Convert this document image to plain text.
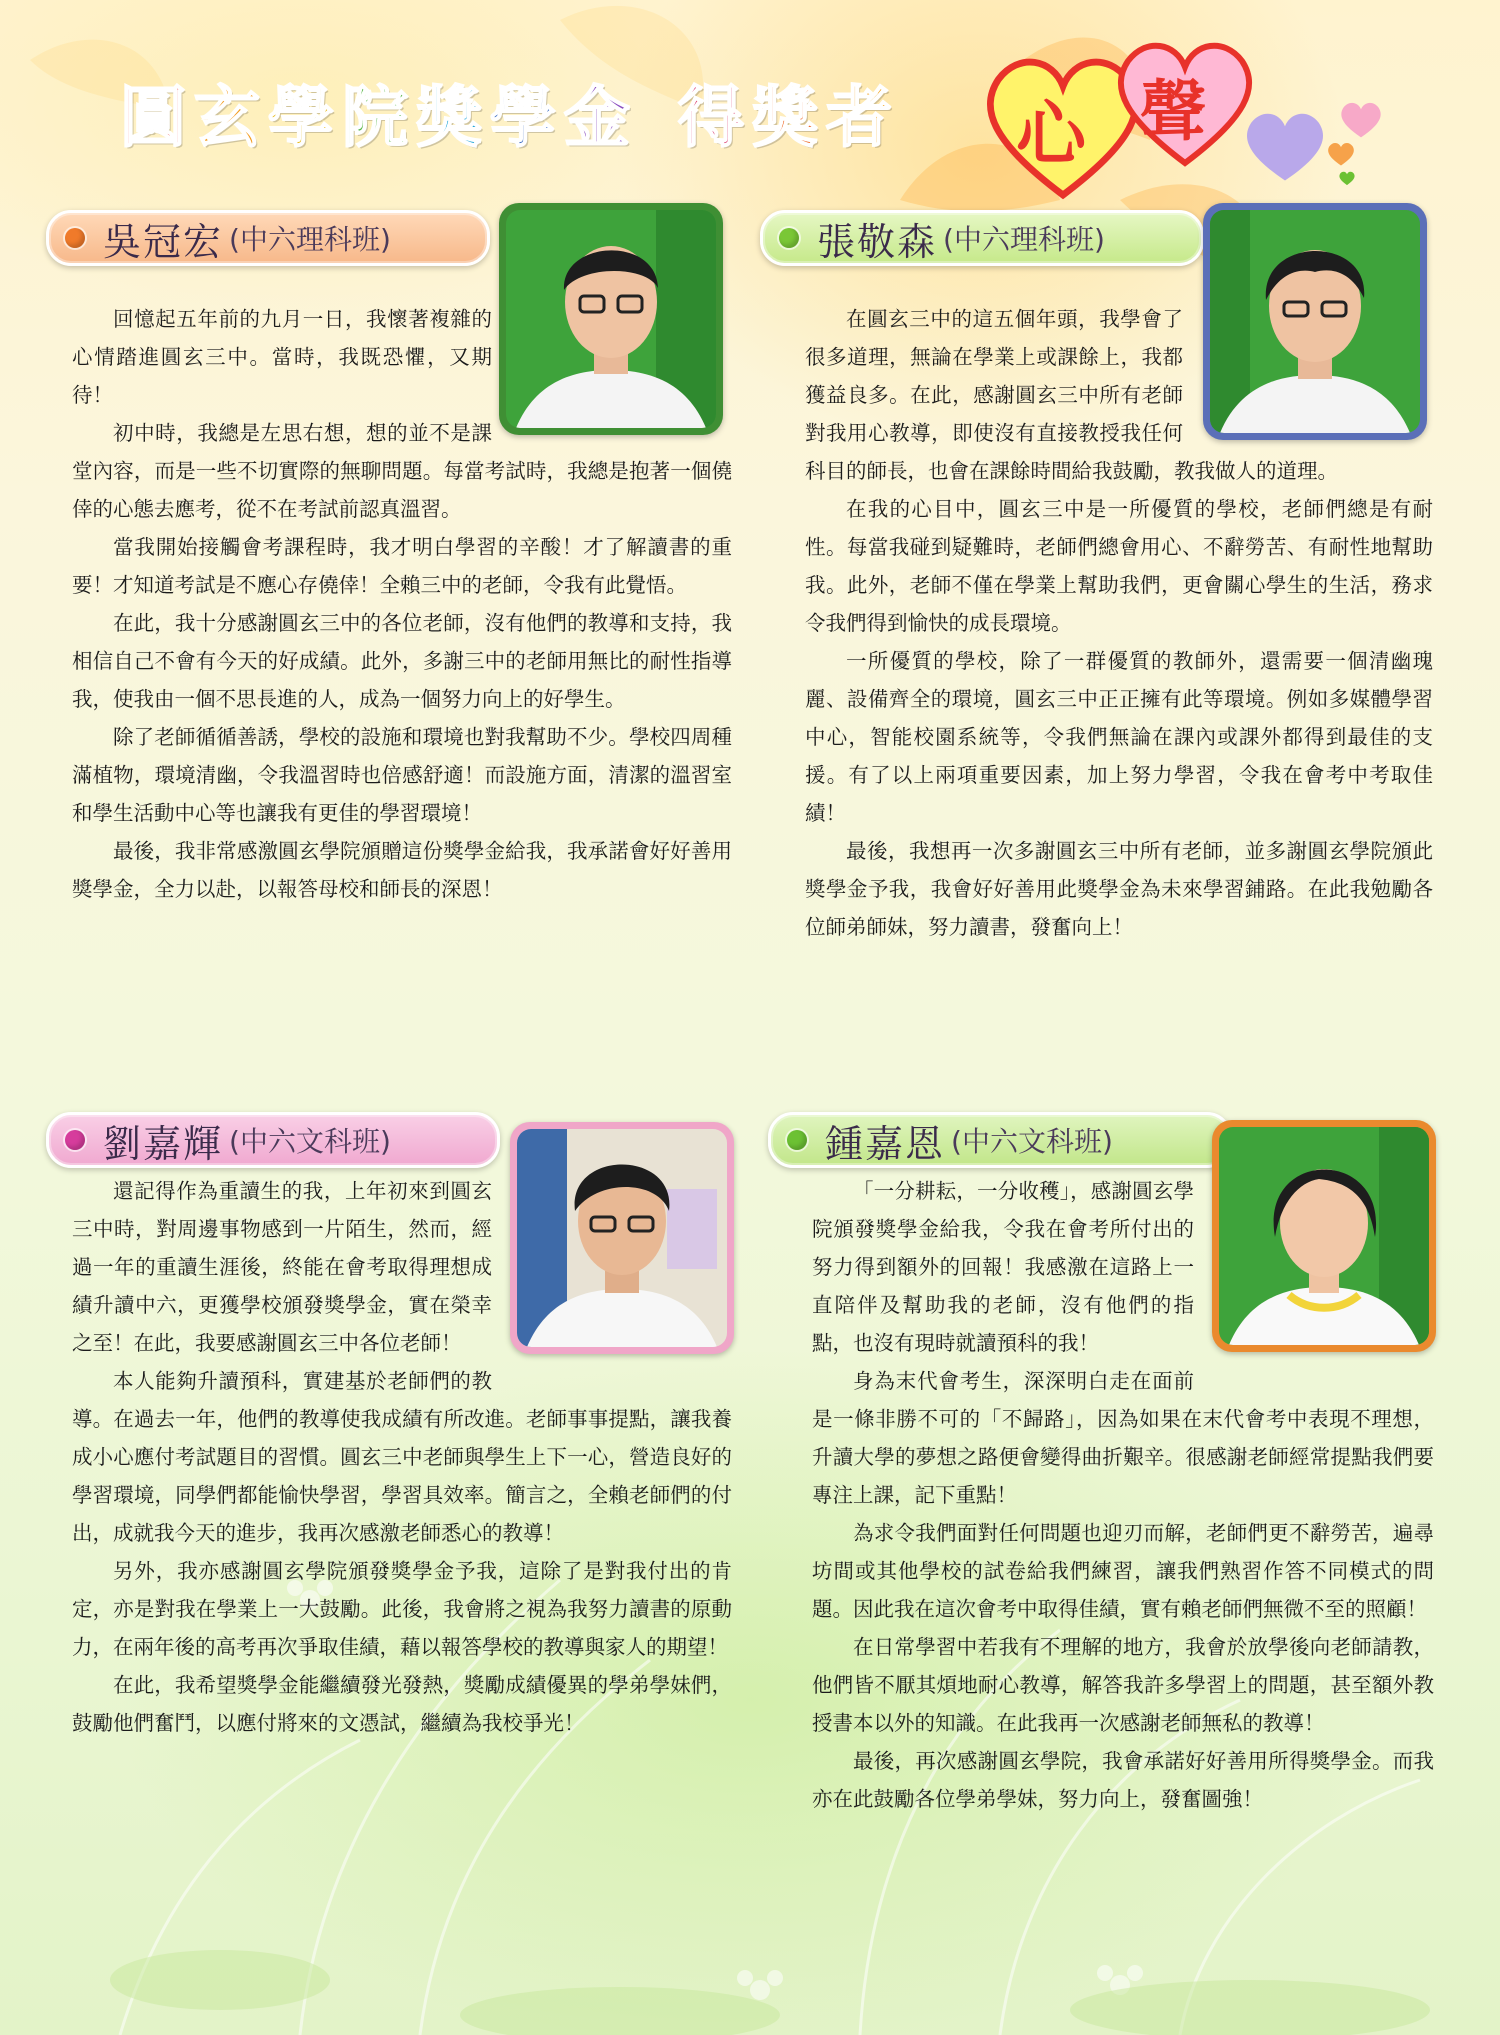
圓 玄 學 院 獎 學 金 得 獎 者 心 聲
吳冠宏 (中六理科班)

回憶起五年前的九月一日，我懷著複雜的心情踏進圓玄三中。當時，我既恐懼，又期待！

初中時，我總是左思右想，想的並不是課堂內容，而是一些不切實際的無聊問題。每當考試時，我總是抱著一個僥倖的心態去應考，從不在考試前認真溫習。

當我開始接觸會考課程時，我才明白學習的辛酸！才了解讀書的重要！才知道考試是不應心存僥倖！全賴三中的老師，令我有此覺悟。

在此，我十分感謝圓玄三中的各位老師，沒有他們的教導和支持，我相信自己不會有今天的好成績。此外，多謝三中的老師用無比的耐性指導我，使我由一個不思長進的人，成為一個努力向上的好學生。

除了老師循循善誘，學校的設施和環境也對我幫助不少。學校四周種滿植物，環境清幽，令我溫習時也倍感舒適！而設施方面，清潔的溫習室和學生活動中心等也讓我有更佳的學習環境！

最後，我非常感激圓玄學院頒贈這份獎學金給我，我承諾會好好善用獎學金，全力以赴，以報答母校和師長的深恩！

張敬森 (中六理科班)

在圓玄三中的這五個年頭，我學會了很多道理，無論在學業上或課餘上，我都獲益良多。在此，感謝圓玄三中所有老師對我用心教導，即使沒有直接教授我任何科目的師長，也會在課餘時間給我鼓勵，教我做人的道理。

在我的心目中，圓玄三中是一所優質的學校，老師們總是有耐性。每當我碰到疑難時，老師們總會用心、不辭勞苦、有耐性地幫助我。此外，老師不僅在學業上幫助我們，更會關心學生的生活，務求令我們得到愉快的成長環境。

一所優質的學校，除了一群優質的教師外，還需要一個清幽瑰麗、設備齊全的環境，圓玄三中正正擁有此等環境。例如多媒體學習中心，智能校園系統等，令我們無論在課內或課外都得到最佳的支援。有了以上兩項重要因素，加上努力學習，令我在會考中考取佳績！

最後，我想再一次多謝圓玄三中所有老師，並多謝圓玄學院頒此獎學金予我，我會好好善用此獎學金為未來學習鋪路。在此我勉勵各位師弟師妹，努力讀書，發奮向上！

劉嘉輝 (中六文科班)

還記得作為重讀生的我，上年初來到圓玄三中時，對周邊事物感到一片陌生，然而，經過一年的重讀生涯後，終能在會考取得理想成績升讀中六，更獲學校頒發獎學金，實在榮幸之至！在此，我要感謝圓玄三中各位老師！

本人能夠升讀預科，實建基於老師們的教導。在過去一年，他們的教導使我成績有所改進。老師事事提點，讓我養成小心應付考試題目的習慣。圓玄三中老師與學生上下一心，營造良好的學習環境，同學們都能愉快學習，學習具效率。簡言之，全賴老師們的付出，成就我今天的進步，我再次感激老師悉心的教導！

另外，我亦感謝圓玄學院頒發獎學金予我，這除了是對我付出的肯定，亦是對我在學業上一大鼓勵。此後，我會將之視為我努力讀書的原動力，在兩年後的高考再次爭取佳績，藉以報答學校的教導與家人的期望！

在此，我希望獎學金能繼續發光發熱，獎勵成績優異的學弟學妹們，鼓勵他們奮鬥，以應付將來的文憑試，繼續為我校爭光！

鍾嘉恩 (中六文科班)

「一分耕耘，一分收穫」，感謝圓玄學院頒發獎學金給我，令我在會考所付出的努力得到額外的回報！我感激在這路上一直陪伴及幫助我的老師，沒有他們的指點，也沒有現時就讀預科的我！

身為末代會考生，深深明白走在面前是一條非勝不可的「不歸路」，因為如果在末代會考中表現不理想，升讀大學的夢想之路便會變得曲折艱辛。很感謝老師經常提點我們要專注上課，記下重點！

為求令我們面對任何問題也迎刃而解，老師們更不辭勞苦，遍尋坊間或其他學校的試卷給我們練習，讓我們熟習作答不同模式的問題。因此我在這次會考中取得佳績，實有賴老師們無微不至的照顧！

在日常學習中若我有不理解的地方，我會於放學後向老師請教，他們皆不厭其煩地耐心教導，解答我許多學習上的問題，甚至額外教授書本以外的知識。在此我再一次感謝老師無私的教導！

最後，再次感謝圓玄學院，我會承諾好好善用所得獎學金。而我亦在此鼓勵各位學弟學妹，努力向上，發奮圖強！
